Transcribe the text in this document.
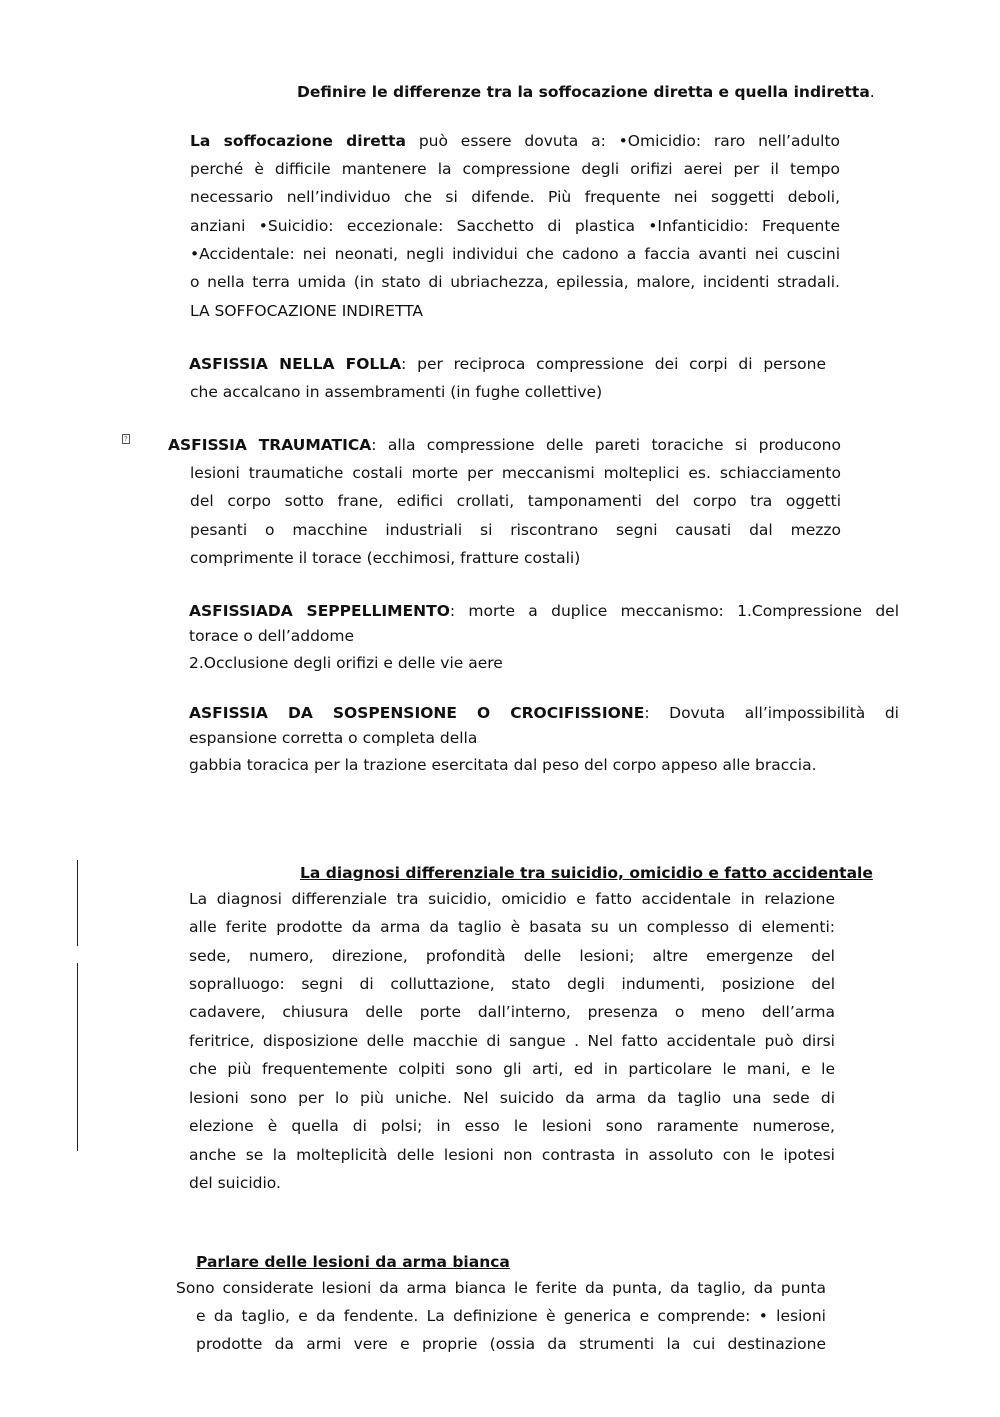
Definire le differenze tra la soffocazione diretta e quella indiretta.
La soffocazione diretta può essere dovuta a: •Omicidio: raro nell’adulto
perché è difficile mantenere la compressione degli orifizi aerei per il tempo
necessario nell’individuo che si difende. Più frequente nei soggetti deboli,
anziani •Suicidio: eccezionale: Sacchetto di plastica •Infanticidio: Frequente
•Accidentale: nei neonati, negli individui che cadono a faccia avanti nei cuscini
o nella terra umida (in stato di ubriachezza, epilessia, malore, incidenti stradali.
LA SOFFOCAZIONE INDIRETTA
ASFISSIA NELLA FOLLA: per reciproca compressione dei corpi di persone
che accalcano in assembramenti (in fughe collettive)
?	ASFISSIA TRAUMATICA: alla compressione delle pareti toraciche si producono
lesioni traumatiche costali morte per meccanismi molteplici es. schiacciamento
del corpo sotto frane, edifici crollati, tamponamenti del corpo tra oggetti
pesanti o macchine industriali si riscontrano segni causati dal mezzo
comprimente il torace (ecchimosi, fratture costali)
ASFISSIADA SEPPELLIMENTO: morte a duplice meccanismo: 1.Compressione del
torace o dell’addome
2.Occlusione degli orifizi e delle vie aere
ASFISSIA DA SOSPENSIONE O CROCIFISSIONE: Dovuta all’impossibilità di
espansione corretta o completa della
gabbia toracica per la trazione esercitata dal peso del corpo appeso alle braccia.
La diagnosi differenziale tra suicidio, omicidio e fatto accidentale
La diagnosi differenziale tra suicidio, omicidio e fatto accidentale in relazione
alle ferite prodotte da arma da taglio è basata su un complesso di elementi:
sede, numero, direzione, profondità delle lesioni; altre emergenze del
sopralluogo: segni di colluttazione, stato degli indumenti, posizione del
cadavere, chiusura delle porte dall’interno, presenza o meno dell’arma
feritrice, disposizione delle macchie di sangue . Nel fatto accidentale può dirsi
che più frequentemente colpiti sono gli arti, ed in particolare le mani, e le
lesioni sono per lo più uniche. Nel suicido da arma da taglio una sede di
elezione è quella di polsi; in esso le lesioni sono raramente numerose,
anche se la molteplicità delle lesioni non contrasta in assoluto con le ipotesi
del suicidio.
Parlare delle lesioni da arma bianca
Sono considerate lesioni da arma bianca le ferite da punta, da taglio, da punta
e da taglio, e da fendente. La definizione è generica e comprende: • lesioni
prodotte da armi vere e proprie (ossia da strumenti la cui destinazione
